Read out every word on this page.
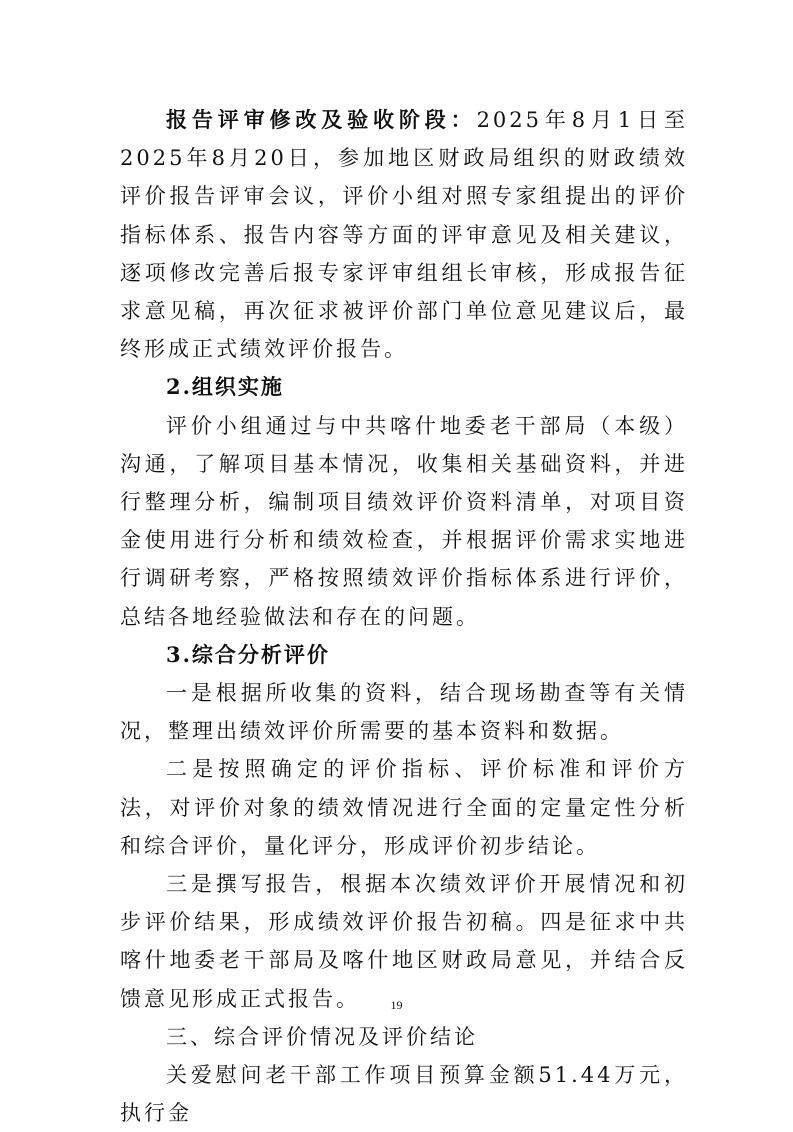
报告评审修改及验收阶段：2025年8月1日至2025年8月20日，参加地区财政局组织的财政绩效评价报告评审会议，评价小组对照专家组提出的评价指标体系、报告内容等方面的评审意见及相关建议，逐项修改完善后报专家评审组组长审核，形成报告征求意见稿，再次征求被评价部门单位意见建议后，最终形成正式绩效评价报告。

2.组织实施

评价小组通过与中共喀什地委老干部局（本级）沟通，了解项目基本情况，收集相关基础资料，并进行整理分析，编制项目绩效评价资料清单，对项目资金使用进行分析和绩效检查，并根据评价需求实地进行调研考察，严格按照绩效评价指标体系进行评价，总结各地经验做法和存在的问题。

3.综合分析评价

一是根据所收集的资料，结合现场勘查等有关情况，整理出绩效评价所需要的基本资料和数据。

二是按照确定的评价指标、评价标准和评价方法，对评价对象的绩效情况进行全面的定量定性分析和综合评价，量化评分，形成评价初步结论。

三是撰写报告，根据本次绩效评价开展情况和初步评价结果，形成绩效评价报告初稿。四是征求中共喀什地委老干部局及喀什地区财政局意见，并结合反馈意见形成正式报告。

三、综合评价情况及评价结论

关爱慰问老干部工作项目预算金额51.44万元，执行金

19
